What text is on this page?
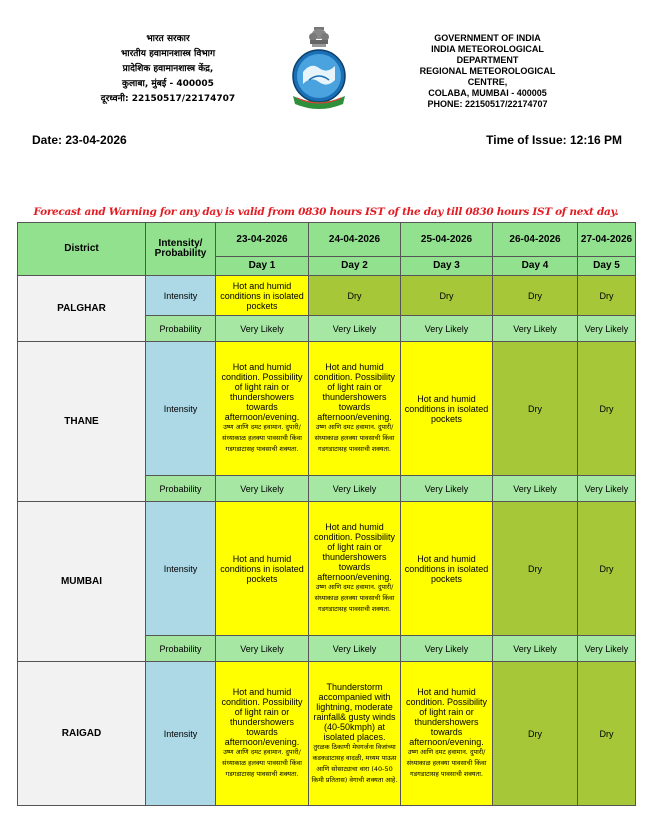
भारत सरकार
भारतीय हवामानशास्त्र विभाग
प्रादेशिक हवामानशास्त्र केंद्र,
कुलाबा, मुंबई - 400005
दूरध्वनी: 22150517/22174707
GOVERNMENT OF INDIA
INDIA METEOROLOGICAL DEPARTMENT
REGIONAL METEOROLOGICAL CENTRE,
COLABA, MUMBAI - 400005
PHONE: 22150517/22174707
Date: 23-04-2026	Time of Issue: 12:16 PM
Forecast and Warning for any day is valid from 0830 hours IST of the day till 0830 hours IST of next day.
District	Intensity/ Probability	23-04-2026	24-04-2026	25-04-2026	26-04-2026	27-04-2026
		Day 1	Day 2	Day 3	Day 4	Day 5
PALGHAR	Intensity	Hot and humid conditions in isolated pockets	Dry	Dry	Dry	Dry
	Probability	Very Likely	Very Likely	Very Likely	Very Likely	Very Likely
THANE	Intensity	Hot and humid condition. Possibility of light rain or thundershowers towards afternoon/evening.
उष्ण आणि दमट हवामान. दुपारी/संध्याकाळ हलक्या पावसाची किंवा गडगडाटासह पावसाची शक्यता.	Hot and humid condition. Possibility of light rain or thundershowers towards afternoon/evening.
उष्ण आणि दमट हवामान. दुपारी/संध्याकाळ हलक्या पावसाची किंवा गडगडाटासह पावसाची शक्यता.	Hot and humid conditions in isolated pockets	Dry	Dry
	Probability	Very Likely	Very Likely	Very Likely	Very Likely	Very Likely
MUMBAI	Intensity	Hot and humid conditions in isolated pockets	Hot and humid condition. Possibility of light rain or thundershowers towards afternoon/evening.
उष्ण आणि दमट हवामान. दुपारी/संध्याकाळ हलक्या पावसाची किंवा गडगडाटासह पावसाची शक्यता.	Hot and humid conditions in isolated pockets	Dry	Dry
	Probability	Very Likely	Very Likely	Very Likely	Very Likely	Very Likely
RAIGAD	Intensity	Hot and humid condition. Possibility of light rain or thundershowers towards afternoon/evening.
उष्ण आणि दमट हवामान. दुपारी/संध्याकाळ हलक्या पावसाची किंवा गडगडाटासह पावसाची शक्यता.	Thunderstorm accompanied with lightning, moderate rainfall& gusty winds (40-50kmph) at isolated places.
तुरळक ठिकाणी मेघगर्जना विजांच्या कडकडाटासह वादळी, मध्यम पाऊस आणि सोसाट्याचा वारा (40-50 किमी प्रतितास) वेगाची शक्यता आहे.	Hot and humid condition. Possibility of light rain or thundershowers towards afternoon/evening.
उष्ण आणि दमट हवामान. दुपारी/संध्याकाळ हलक्या पावसाची किंवा गडगडाटासह पावसाची शक्यता.	Dry	Dry
